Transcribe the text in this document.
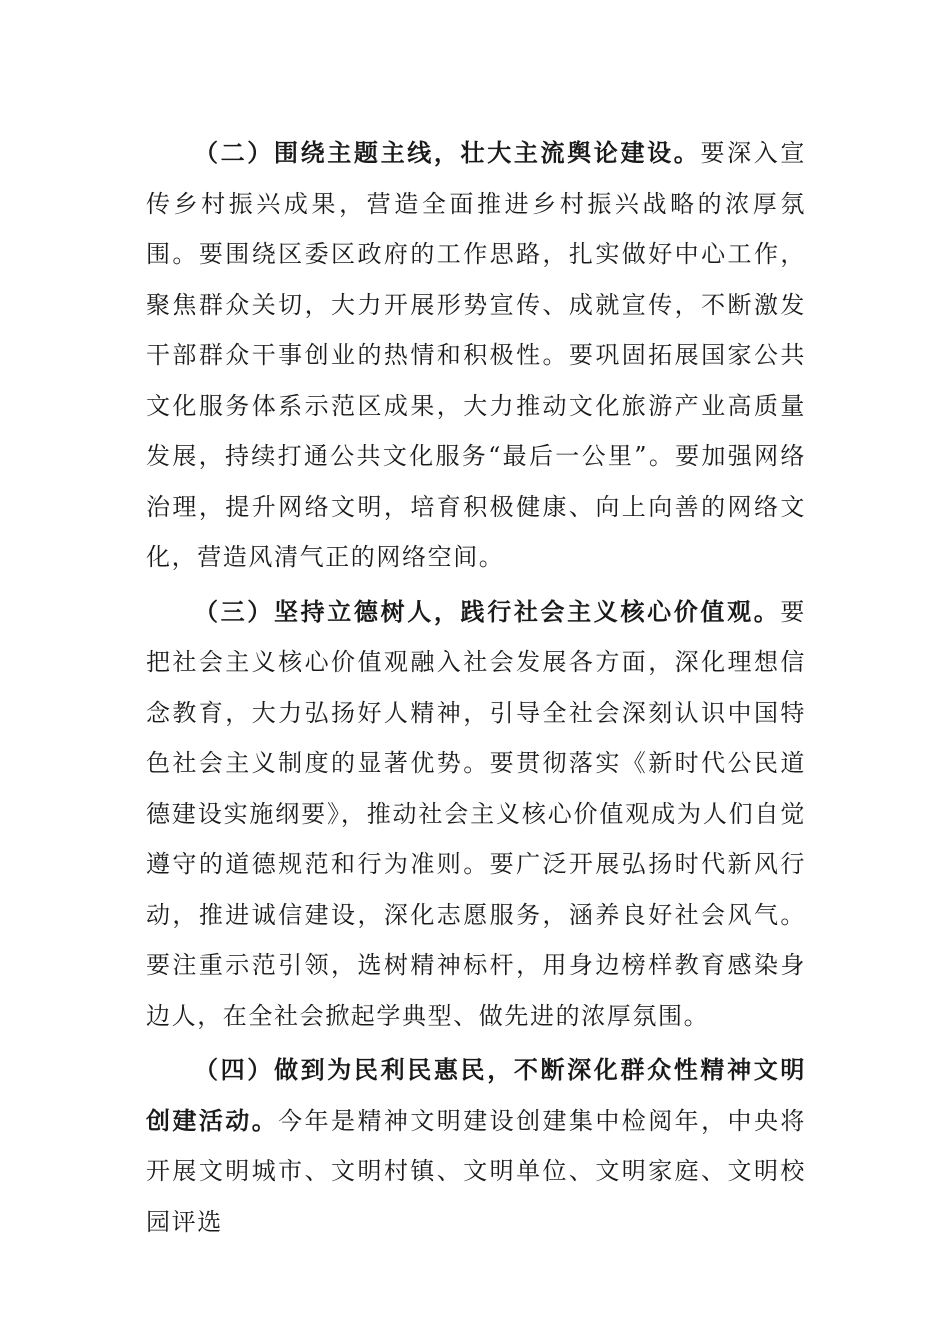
（二）围绕主题主线，壮大主流舆论建设。要深入宣传乡村振兴成果，营造全面推进乡村振兴战略的浓厚氛围。要围绕区委区政府的工作思路，扎实做好中心工作，聚焦群众关切，大力开展形势宣传、成就宣传，不断激发干部群众干事创业的热情和积极性。要巩固拓展国家公共文化服务体系示范区成果，大力推动文化旅游产业高质量发展，持续打通公共文化服务“最后一公里”。要加强网络治理，提升网络文明，培育积极健康、向上向善的网络文化，营造风清气正的网络空间。

（三）坚持立德树人，践行社会主义核心价值观。要把社会主义核心价值观融入社会发展各方面，深化理想信念教育，大力弘扬好人精神，引导全社会深刻认识中国特色社会主义制度的显著优势。要贯彻落实《新时代公民道德建设实施纲要》，推动社会主义核心价值观成为人们自觉遵守的道德规范和行为准则。要广泛开展弘扬时代新风行动，推进诚信建设，深化志愿服务，涵养良好社会风气。要注重示范引领，选树精神标杆，用身边榜样教育感染身边人，在全社会掀起学典型、做先进的浓厚氛围。

（四）做到为民利民惠民，不断深化群众性精神文明创建活动。今年是精神文明建设创建集中检阅年，中央将开展文明城市、文明村镇、文明单位、文明家庭、文明校园评选
